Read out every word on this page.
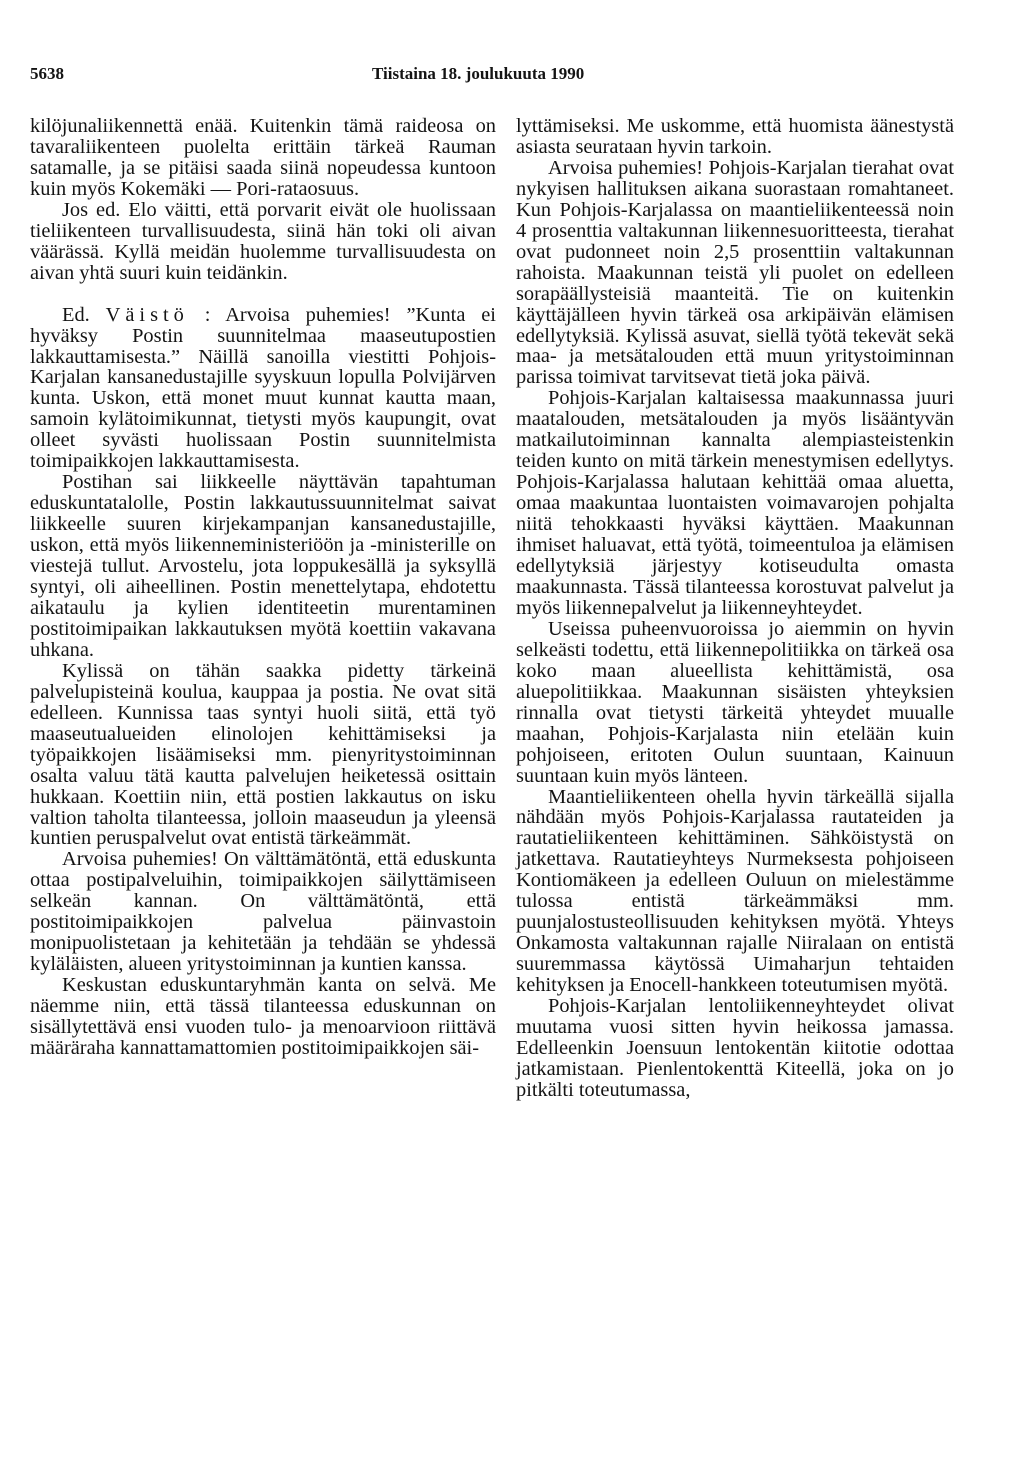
5638	Tiistaina 18. joulukuuta 1990

kilöjunaliikennettä enää. Kuitenkin tämä raideosa on tavaraliikenteen puolelta erittäin tärkeä Rauman satamalle, ja se pitäisi saada siinä nopeudessa kuntoon kuin myös Kokemäki — Pori-rataosuus.

Jos ed. Elo väitti, että porvarit eivät ole huolissaan tieliikenteen turvallisuudesta, siinä hän toki oli aivan väärässä. Kyllä meidän huolemme turvallisuudesta on aivan yhtä suuri kuin teidänkin.

Ed. Väistö : Arvoisa puhemies! ”Kunta ei hyväksy Postin suunnitelmaa maaseutupostien lakkauttamisesta.” Näillä sanoilla viestitti Pohjois-Karjalan kansanedustajille syyskuun lopulla Polvijärven kunta. Uskon, että monet muut kunnat kautta maan, samoin kylätoimikunnat, tietysti myös kaupungit, ovat olleet syvästi huolissaan Postin suunnitelmista toimipaikkojen lakkauttamisesta.

Postihan sai liikkeelle näyttävän tapahtuman eduskuntatalolle, Postin lakkautussuunnitelmat saivat liikkeelle suuren kirjekampanjan kansanedustajille, uskon, että myös liikenneministeriöön ja -ministerille on viestejä tullut. Arvostelu, jota loppukesällä ja syksyllä syntyi, oli aiheellinen. Postin menettelytapa, ehdotettu aikataulu ja kylien identiteetin murentaminen postitoimipaikan lakkautuksen myötä koettiin vakavana uhkana.

Kylissä on tähän saakka pidetty tärkeinä palvelupisteinä koulua, kauppaa ja postia. Ne ovat sitä edelleen. Kunnissa taas syntyi huoli siitä, että työ maaseutualueiden elinolojen kehittämiseksi ja työpaikkojen lisäämiseksi mm. pienyritystoiminnan osalta valuu tätä kautta palvelujen heiketessä osittain hukkaan. Koettiin niin, että postien lakkautus on isku valtion taholta tilanteessa, jolloin maaseudun ja yleensä kuntien peruspalvelut ovat entistä tärkeämmät.

Arvoisa puhemies! On välttämätöntä, että eduskunta ottaa postipalveluihin, toimipaikkojen säilyttämiseen selkeän kannan. On välttämätöntä, että postitoimipaikkojen palvelua päinvastoin monipuolistetaan ja kehitetään ja tehdään se yhdessä kyläläisten, alueen yritystoiminnan ja kuntien kanssa.

Keskustan eduskuntaryhmän kanta on selvä. Me näemme niin, että tässä tilanteessa eduskunnan on sisällytettävä ensi vuoden tulo- ja menoarvioon riittävä määräraha kannattamattomien postitoimipaikkojen säi-

lyttämiseksi. Me uskomme, että huomista äänestystä asiasta seurataan hyvin tarkoin.

Arvoisa puhemies! Pohjois-Karjalan tierahat ovat nykyisen hallituksen aikana suorastaan romahtaneet. Kun Pohjois-Karjalassa on maantieliikenteessä noin 4 prosenttia valtakunnan liikennesuoritteesta, tierahat ovat pudonneet noin 2,5 prosenttiin valtakunnan rahoista. Maakunnan teistä yli puolet on edelleen sorapäällysteisiä maanteitä. Tie on kuitenkin käyttäjälleen hyvin tärkeä osa arkipäivän elämisen edellytyksiä. Kylissä asuvat, siellä työtä tekevät sekä maa- ja metsätalouden että muun yritystoiminnan parissa toimivat tarvitsevat tietä joka päivä.

Pohjois-Karjalan kaltaisessa maakunnassa juuri maatalouden, metsätalouden ja myös lisääntyvän matkailutoiminnan kannalta alempiasteistenkin teiden kunto on mitä tärkein menestymisen edellytys. Pohjois-Karjalassa halutaan kehittää omaa aluetta, omaa maakuntaa luontaisten voimavarojen pohjalta niitä tehokkaasti hyväksi käyttäen. Maakunnan ihmiset haluavat, että työtä, toimeentuloa ja elämisen edellytyksiä järjestyy kotiseudulta omasta maakunnasta. Tässä tilanteessa korostuvat palvelut ja myös liikennepalvelut ja liikenneyhteydet.

Useissa puheenvuoroissa jo aiemmin on hyvin selkeästi todettu, että liikennepolitiikka on tärkeä osa koko maan alueellista kehittämistä, osa aluepolitiikkaa. Maakunnan sisäisten yhteyksien rinnalla ovat tietysti tärkeitä yhteydet muualle maahan, Pohjois-Karjalasta niin etelään kuin pohjoiseen, eritoten Oulun suuntaan, Kainuun suuntaan kuin myös länteen.

Maantieliikenteen ohella hyvin tärkeällä sijalla nähdään myös Pohjois-Karjalassa rautateiden ja rautatieliikenteen kehittäminen. Sähköistystä on jatkettava. Rautatieyhteys Nurmeksesta pohjoiseen Kontiomäkeen ja edelleen Ouluun on mielestämme tulossa entistä tärkeämmäksi mm. puunjalostusteollisuuden kehityksen myötä. Yhteys Onkamosta valtakunnan rajalle Niiralaan on entistä suuremmassa käytössä Uimaharjun tehtaiden kehityksen ja Enocell-hankkeen toteutumisen myötä.

Pohjois-Karjalan lentoliikenneyhteydet olivat muutama vuosi sitten hyvin heikossa jamassa. Edelleenkin Joensuun lentokentän kiitotie odottaa jatkamistaan. Pienlentokenttä Kiteellä, joka on jo pitkälti toteutumassa,
